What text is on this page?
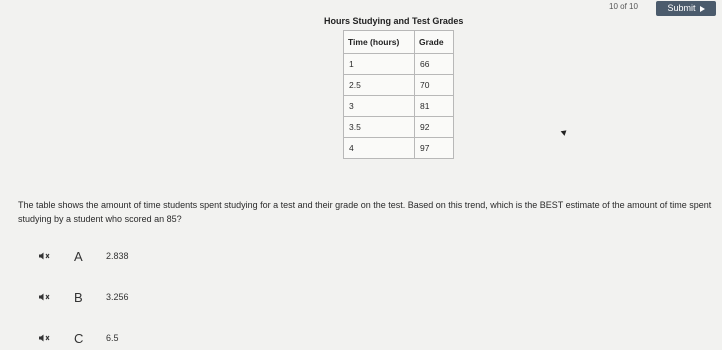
10 of 10	Submit
Hours Studying and Test Grades
Time (hours)	Grade
1	66
2.5	70
3	81
3.5	92
4	97
The table shows the amount of time students spent studying for a test and their grade on the test. Based on this trend, which is the BEST estimate of the amount of time spent studying by a student who scored an 85?
A	2.838
B	3.256
C	6.5
